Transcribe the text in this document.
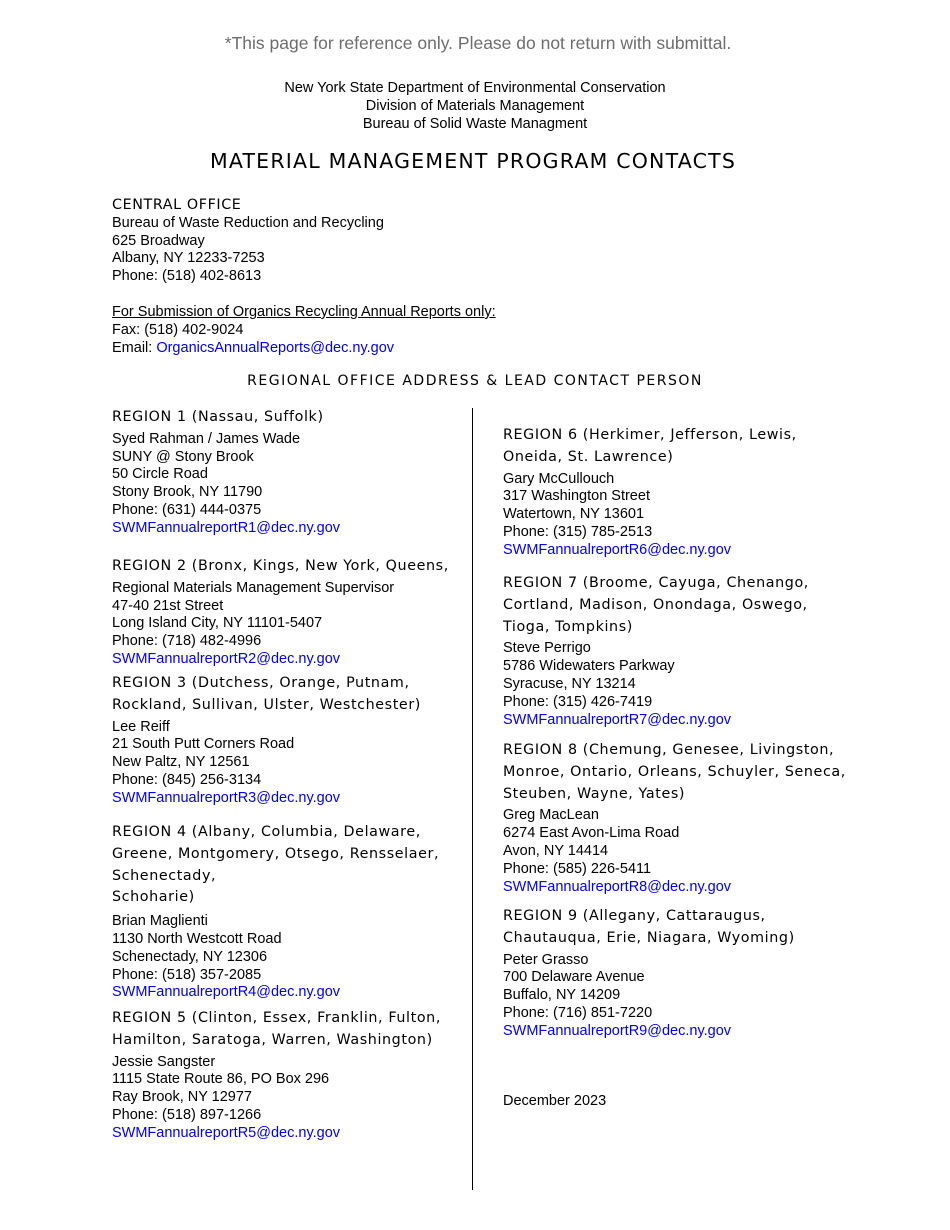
*This page for reference only. Please do not return with submittal.
New York State Department of Environmental Conservation
Division of Materials Management
Bureau of Solid Waste Managment
MATERIAL MANAGEMENT PROGRAM CONTACTS
CENTRAL OFFICE
Bureau of Waste Reduction and Recycling
625 Broadway
Albany, NY 12233-7253
Phone: (518) 402-8613
For Submission of Organics Recycling Annual Reports only:
Fax: (518) 402-9024
Email: OrganicsAnnualReports@dec.ny.gov
REGIONAL OFFICE ADDRESS & LEAD CONTACT PERSON
REGION 1 (Nassau, Suffolk)
Syed Rahman / James Wade
SUNY @ Stony Brook
50 Circle Road
Stony Brook, NY 11790
Phone: (631) 444-0375
SWMFannualreportR1@dec.ny.gov
REGION 2 (Bronx, Kings, New York, Queens,
Regional Materials Management Supervisor
47-40 21st Street
Long Island City, NY 11101-5407
Phone: (718) 482-4996
SWMFannualreportR2@dec.ny.gov
REGION 3 (Dutchess, Orange, Putnam,
Rockland, Sullivan, Ulster, Westchester)
Lee Reiff
21 South Putt Corners Road
New Paltz, NY 12561
Phone: (845) 256-3134
SWMFannualreportR3@dec.ny.gov
REGION 4 (Albany, Columbia, Delaware,
Greene, Montgomery, Otsego, Rensselaer,
Schenectady,
Schoharie)
Brian Maglienti
1130 North Westcott Road
Schenectady, NY 12306
Phone: (518) 357-2085
SWMFannualreportR4@dec.ny.gov
REGION 5 (Clinton, Essex, Franklin, Fulton,
Hamilton, Saratoga, Warren, Washington)
Jessie Sangster
1115 State Route 86, PO Box 296
Ray Brook, NY 12977
Phone: (518) 897-1266
SWMFannualreportR5@dec.ny.gov
REGION 6 (Herkimer, Jefferson, Lewis,
Oneida, St. Lawrence)
Gary McCullouch
317 Washington Street
Watertown, NY 13601
Phone: (315) 785-2513
SWMFannualreportR6@dec.ny.gov
REGION 7 (Broome, Cayuga, Chenango,
Cortland, Madison, Onondaga, Oswego,
Tioga, Tompkins)
Steve Perrigo
5786 Widewaters Parkway
Syracuse, NY 13214
Phone: (315) 426-7419
SWMFannualreportR7@dec.ny.gov
REGION 8 (Chemung, Genesee, Livingston,
Monroe, Ontario, Orleans, Schuyler, Seneca,
Steuben, Wayne, Yates)
Greg MacLean
6274 East Avon-Lima Road
Avon, NY 14414
Phone: (585) 226-5411
SWMFannualreportR8@dec.ny.gov
REGION 9 (Allegany, Cattaraugus,
Chautauqua, Erie, Niagara, Wyoming)
Peter Grasso
700 Delaware Avenue
Buffalo, NY 14209
Phone: (716) 851-7220
SWMFannualreportR9@dec.ny.gov
December 2023
